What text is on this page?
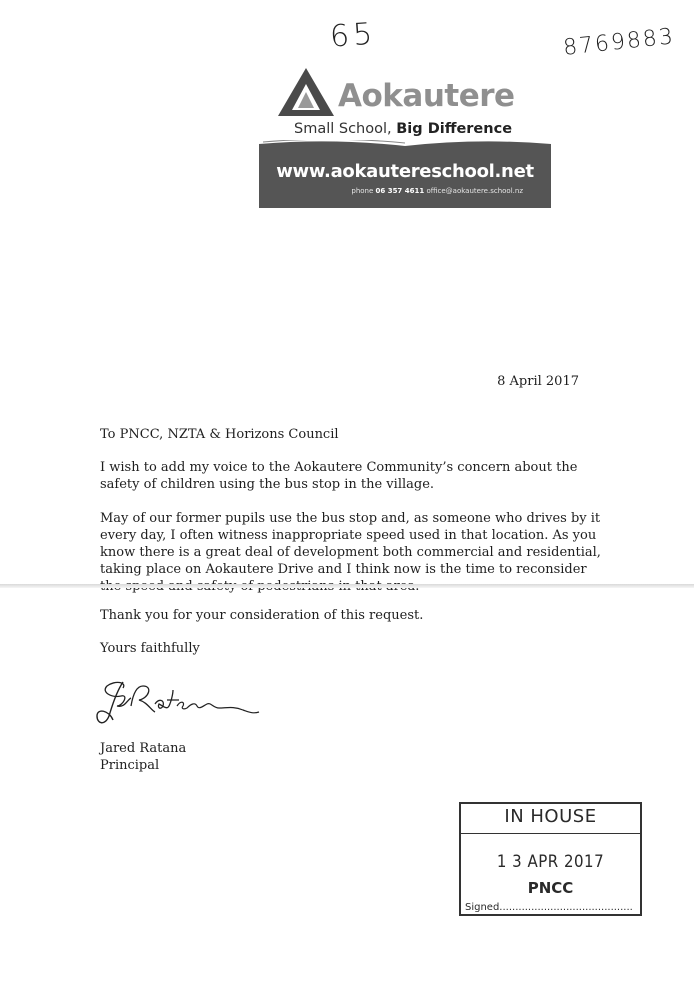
65	8769883
Aokautere
Small School, Big Difference
www.aokautereschool.net
phone 06 357 4611 office@aokautere.school.nz
8 April 2017
To PNCC, NZTA & Horizons Council
I wish to add my voice to the Aokautere Community’s concern about the safety of children using the bus stop in the village.
May of our former pupils use the bus stop and, as someone who drives by it every day, I often witness inappropriate speed used in that location. As you know there is a great deal of development both commercial and residential, taking place on Aokautere Drive and I think now is the time to reconsider
Thank you for your consideration of this request.
Yours faithfully
Jared Ratana
Principal
IN HOUSE
1 3 APR 2017
PNCC
Signed..........................................
